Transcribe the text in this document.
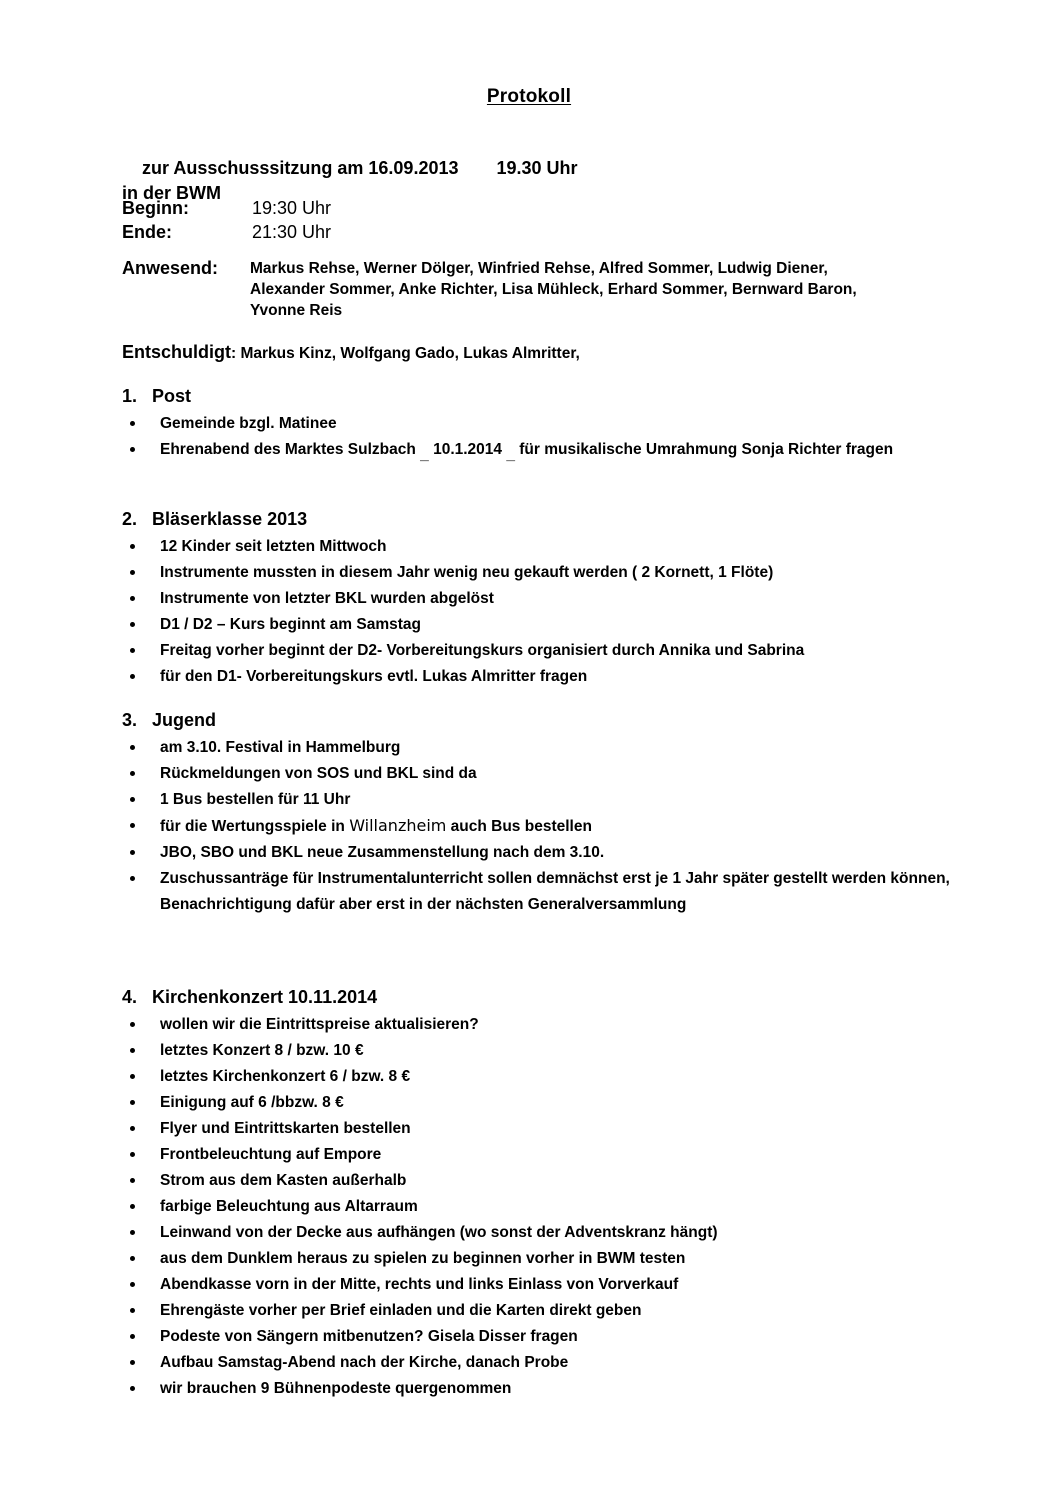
Protokoll

zur Ausschusssitzung am 16.09.2013 19.30 Uhr
in der BWM

Beginn:	19:30 Uhr
Ende:	21:30 Uhr
Anwesend: Markus Rehse, Werner Dölger, Winfried Rehse, Alfred Sommer, Ludwig Diener,
Alexander Sommer, Anke Richter, Lisa Mühleck, Erhard Sommer, Bernward Baron,
Yvonne Reis
Entschuldigt: Markus Kinz, Wolfgang Gado, Lukas Almritter,
1. Post
Gemeinde bzgl. Matinee
Ehrenabend des Marktes Sulzbach _ 10.1.2014 _ für musikalische Umrahmung Sonja Richter fragen
2. Bläserklasse 2013
12 Kinder seit letzten Mittwoch
Instrumente mussten in diesem Jahr wenig neu gekauft werden ( 2 Kornett, 1 Flöte)
Instrumente von letzter BKL wurden abgelöst
D1 / D2 – Kurs beginnt am Samstag
Freitag vorher beginnt der D2- Vorbereitungskurs organisiert durch Annika und Sabrina
für den D1- Vorbereitungskurs evtl. Lukas Almritter fragen
3. Jugend
am 3.10. Festival in Hammelburg
Rückmeldungen von SOS und BKL sind da
1 Bus bestellen für 11 Uhr
für die Wertungsspiele in Willanzheim auch Bus bestellen
JBO, SBO und BKL neue Zusammenstellung nach dem 3.10.
Zuschussanträge für Instrumentalunterricht sollen demnächst erst je 1 Jahr später gestellt werden können, Benachrichtigung dafür aber erst in der nächsten Generalversammlung
4. Kirchenkonzert 10.11.2014
wollen wir die Eintrittspreise aktualisieren?
letztes Konzert 8 / bzw. 10 €
letztes Kirchenkonzert 6 / bzw. 8 €
Einigung auf 6 /bbzw. 8 €
Flyer und Eintrittskarten bestellen
Frontbeleuchtung auf Empore
Strom aus dem Kasten außerhalb
farbige Beleuchtung aus Altarraum
Leinwand von der Decke aus aufhängen (wo sonst der Adventskranz hängt)
aus dem Dunklem heraus zu spielen zu beginnen vorher in BWM testen
Abendkasse vorn in der Mitte, rechts und links Einlass von Vorverkauf
Ehrengäste vorher per Brief einladen und die Karten direkt geben
Podeste von Sängern mitbenutzen? Gisela Disser fragen
Aufbau Samstag-Abend nach der Kirche, danach Probe
wir brauchen 9 Bühnenpodeste quergenommen
